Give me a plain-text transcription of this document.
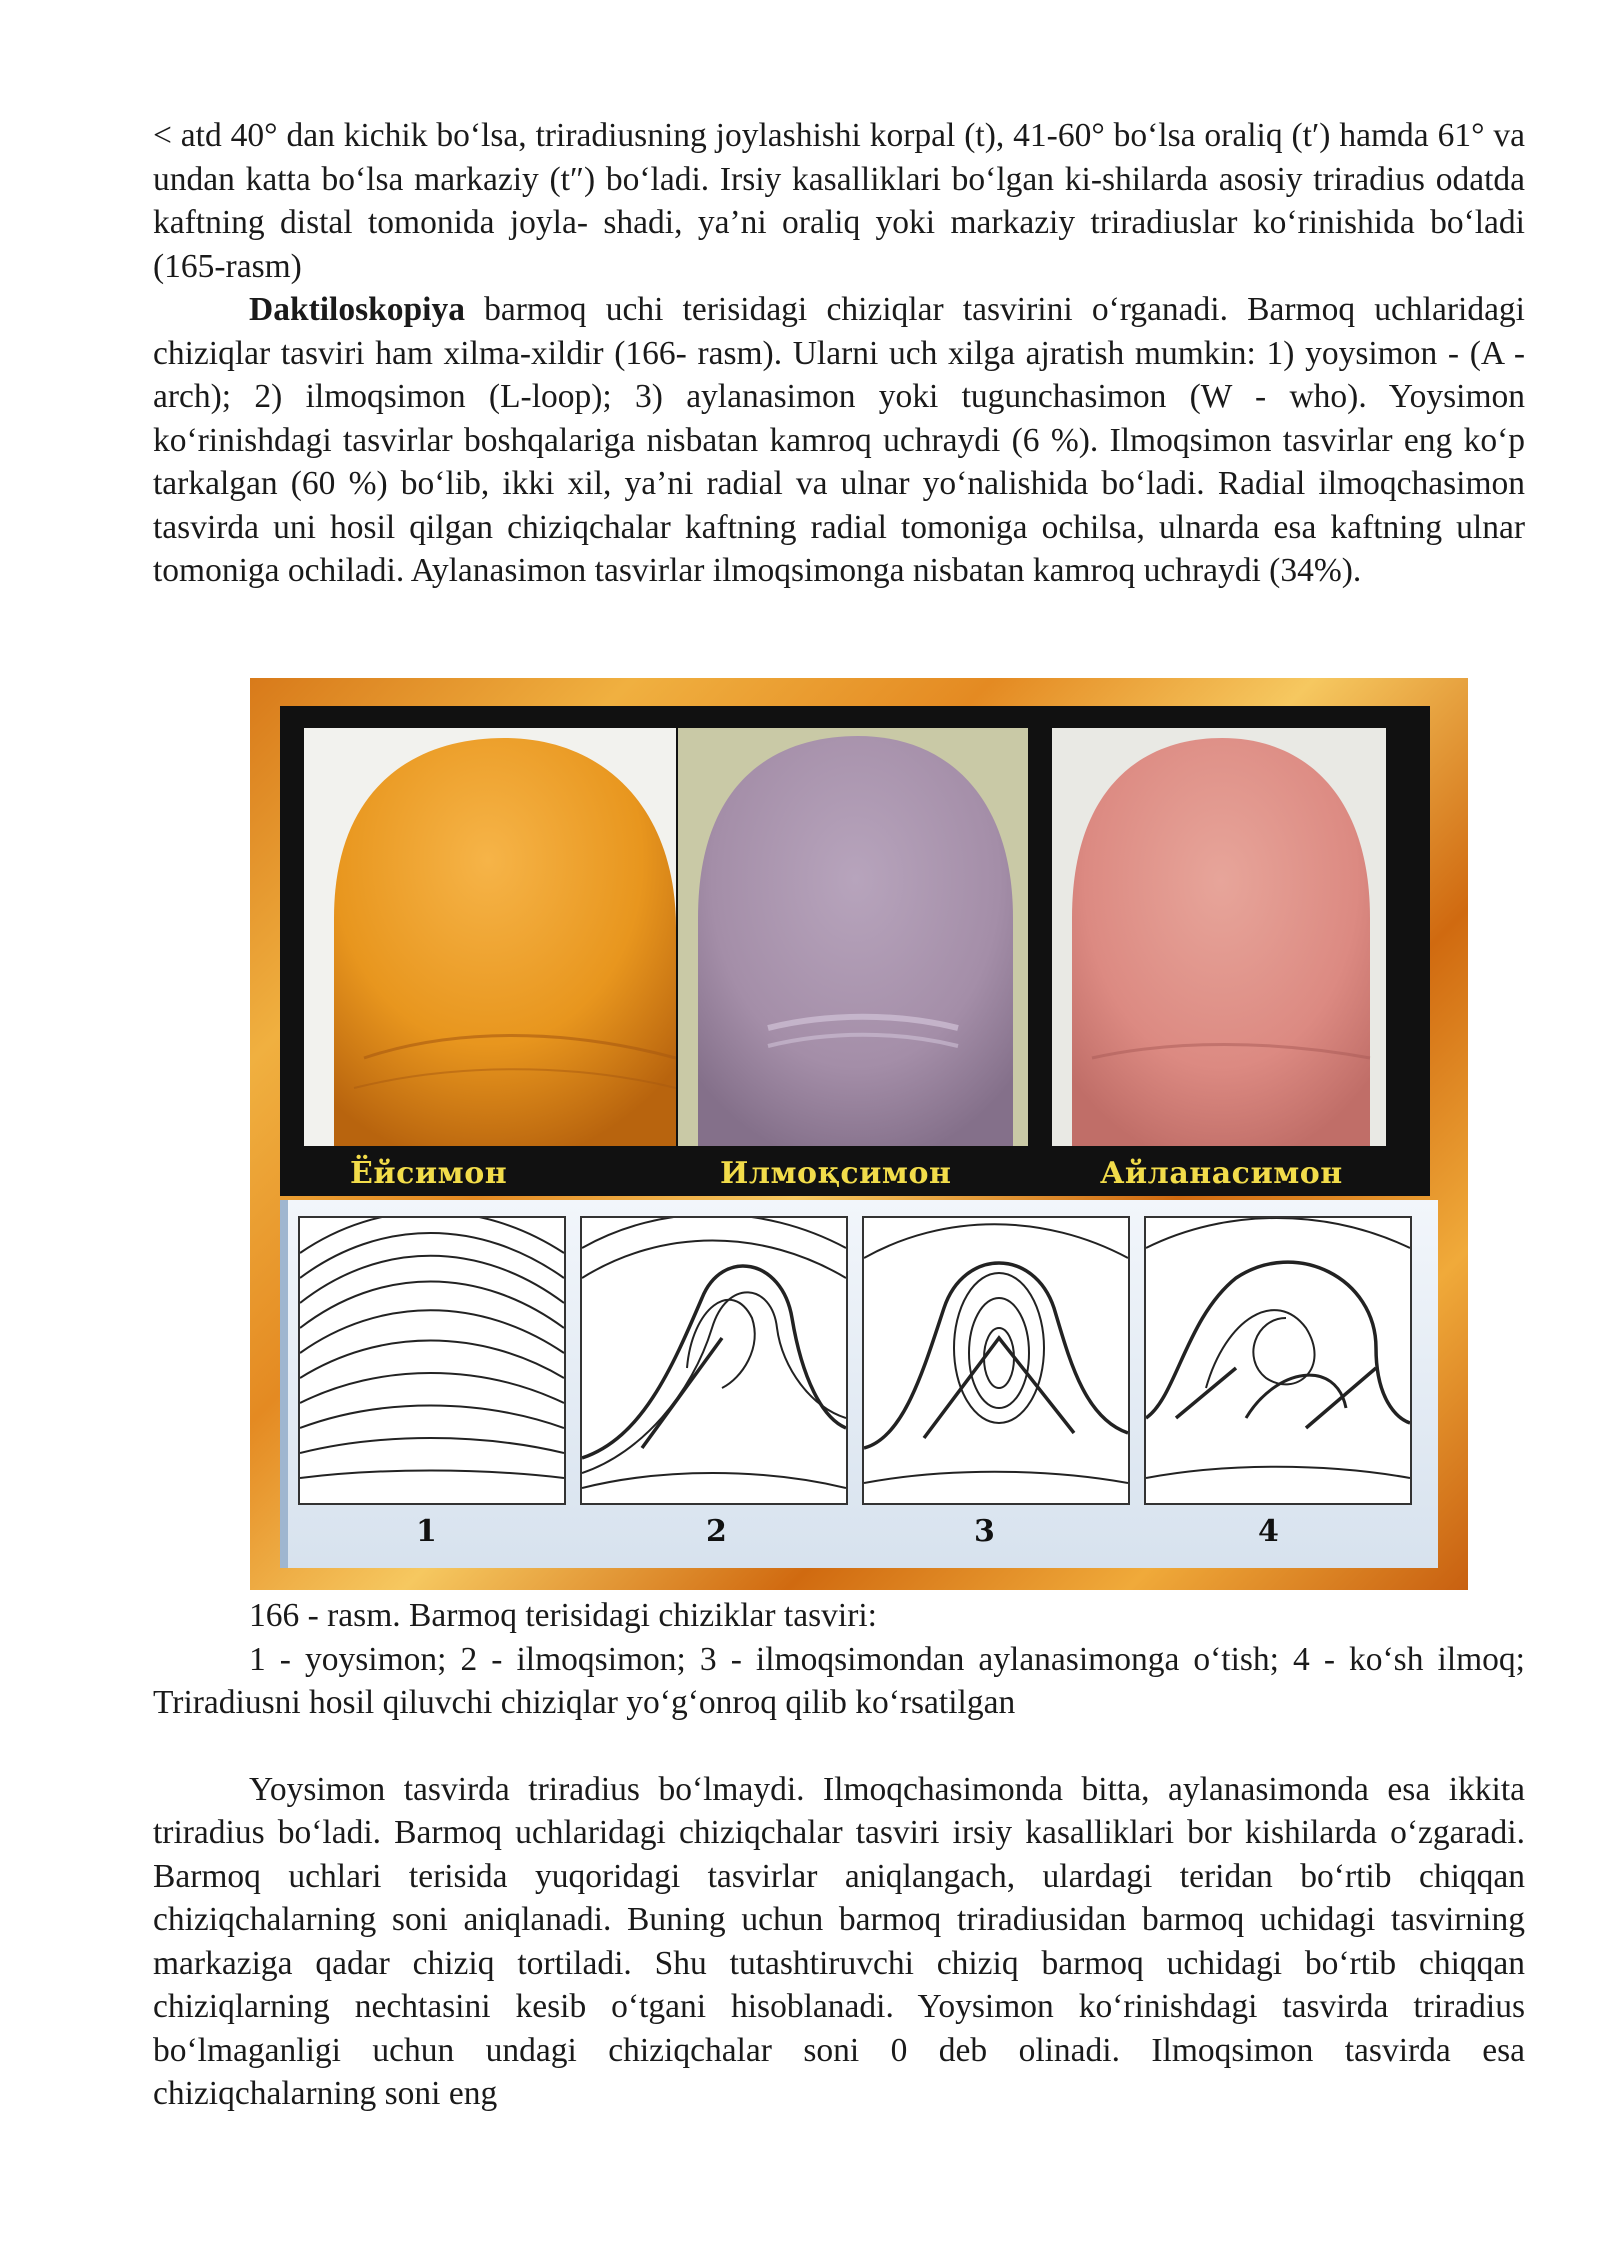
< atd 40° dan kichik bo‘lsa, triradiusning joylashishi korpal (t), 41-60° bo‘lsa oraliq (t′) hamda 61° va undan katta bo‘lsa markaziy (t″) bo‘ladi. Irsiy kasalliklari bo‘lgan ki-shilarda asosiy triradius odatda kaftning distal tomonida joyla- shadi, ya’ni oraliq yoki markaziy triradiuslar ko‘rinishida bo‘ladi (165-rasm)

Daktiloskopiya barmoq uchi terisidagi chiziqlar tasvirini o‘rganadi. Barmoq uchlaridagi chiziqlar tasviri ham xilma-xildir (166- rasm). Ularni uch xilga ajratish mumkin: 1) yoysimon - (A - arch); 2) ilmoqsimon (L-loop); 3) aylanasimon yoki tugunchasimon (W - who). Yoysimon ko‘rinishdagi tasvirlar boshqalariga nisbatan kamroq uchraydi (6 %). Ilmoqsimon tasvirlar eng ko‘p tarkalgan (60 %) bo‘lib, ikki xil, ya’ni radial va ulnar yo‘nalishida bo‘ladi. Radial ilmoqchasimon tasvirda uni hosil qilgan chiziqchalar kaftning radial tomoniga ochilsa, ulnarda esa kaftning ulnar tomoniga ochiladi. Aylanasimon tasvirlar ilmoqsimonga nisbatan kamroq uchraydi (34%).

Ёйсимон	Илмоқсимон	Айланасимон
1	2	3	4

166 - rasm. Barmoq terisidagi chiziklar tasviri:

1 - yoysimon; 2 - ilmoqsimon; 3 - ilmoqsimondan aylanasimonga o‘tish; 4 - ko‘sh ilmoq; Triradiusni hosil qiluvchi chiziqlar yo‘g‘onroq qilib ko‘rsatilgan

Yoysimon tasvirda triradius bo‘lmaydi. Ilmoqchasimonda bitta, aylanasimonda esa ikkita triradius bo‘ladi. Barmoq uchlaridagi chiziqchalar tasviri irsiy kasalliklari bor kishilarda o‘zgaradi. Barmoq uchlari terisida yuqoridagi tasvirlar aniqlangach, ulardagi teridan bo‘rtib chiqqan chiziqchalarning soni aniqlanadi. Buning uchun barmoq triradiusidan barmoq uchidagi tasvirning markaziga qadar chiziq tortiladi. Shu tutashtiruvchi chiziq barmoq uchidagi bo‘rtib chiqqan chiziqlarning nechtasini kesib o‘tgani hisoblanadi. Yoysimon ko‘rinishdagi tasvirda triradius bo‘lmaganligi uchun undagi chiziqchalar soni 0 deb olinadi. Ilmoqsimon tasvirda esa chiziqchalarning soni eng
